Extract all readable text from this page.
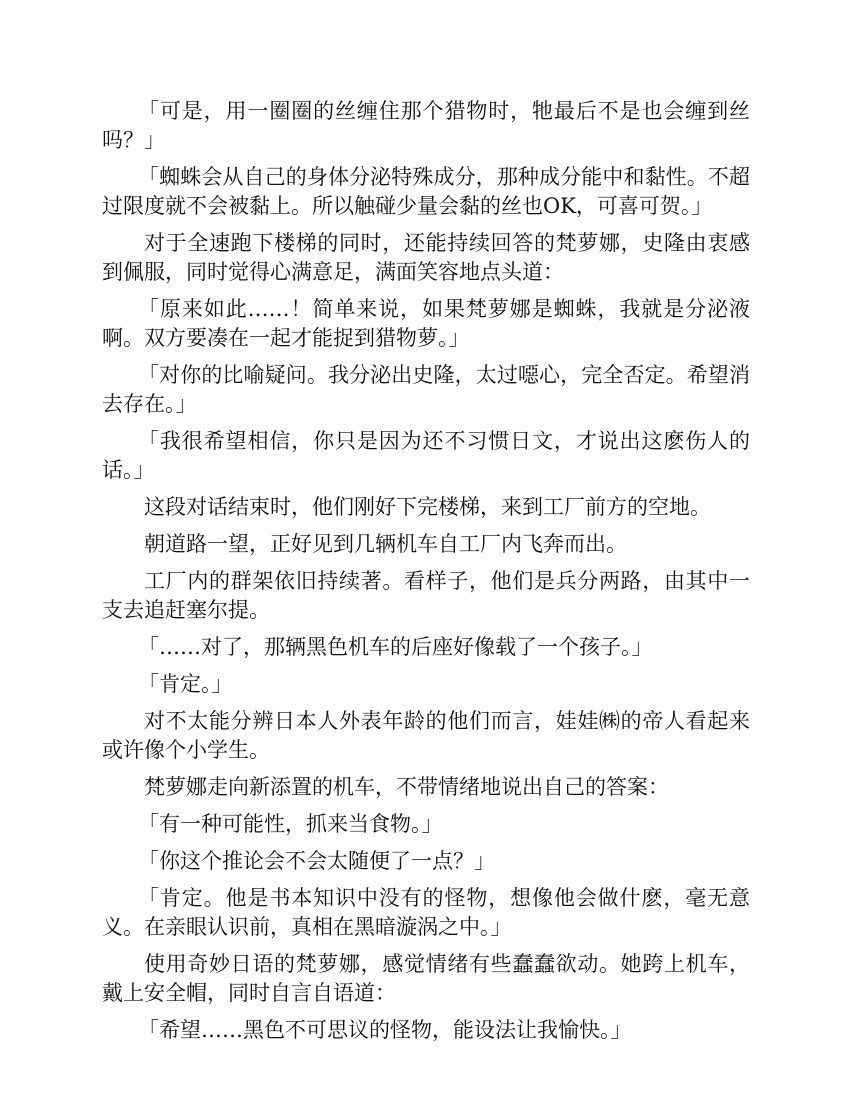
「可是，用一圈圈的丝缠住那个猎物时，牠最后不是也会缠到丝吗？」

「蜘蛛会从自己的身体分泌特殊成分，那种成分能中和黏性。不超过限度就不会被黏上。所以触碰少量会黏的丝也OK，可喜可贺。」

对于全速跑下楼梯的同时，还能持续回答的梵萝娜，史隆由衷感到佩服，同时觉得心满意足，满面笑容地点头道：

「原来如此……！简单来说，如果梵萝娜是蜘蛛，我就是分泌液啊。双方要凑在一起才能捉到猎物萝。」

「对你的比喻疑问。我分泌出史隆，太过噁心，完全否定。希望消去存在。」

「我很希望相信，你只是因为还不习惯日文，才说出这麽伤人的话。」

这段对话结束时，他们刚好下完楼梯，来到工厂前方的空地。

朝道路一望，正好见到几辆机车自工厂内飞奔而出。

工厂内的群架依旧持续著。看样子，他们是兵分两路，由其中一支去追赶塞尔提。

「……对了，那辆黑色机车的后座好像载了一个孩子。」

「肯定。」

对不太能分辨日本人外表年龄的他们而言，娃娃㈱的帝人看起来或许像个小学生。

梵萝娜走向新添置的机车，不带情绪地说出自己的答案：

「有一种可能性，抓来当食物。」

「你这个推论会不会太随便了一点？」

「肯定。他是书本知识中没有的怪物，想像他会做什麽，毫无意义。在亲眼认识前，真相在黑暗漩涡之中。」

使用奇妙日语的梵萝娜，感觉情绪有些蠢蠢欲动。她跨上机车，戴上安全帽，同时自言自语道：

「希望……黑色不可思议的怪物，能设法让我愉快。」
